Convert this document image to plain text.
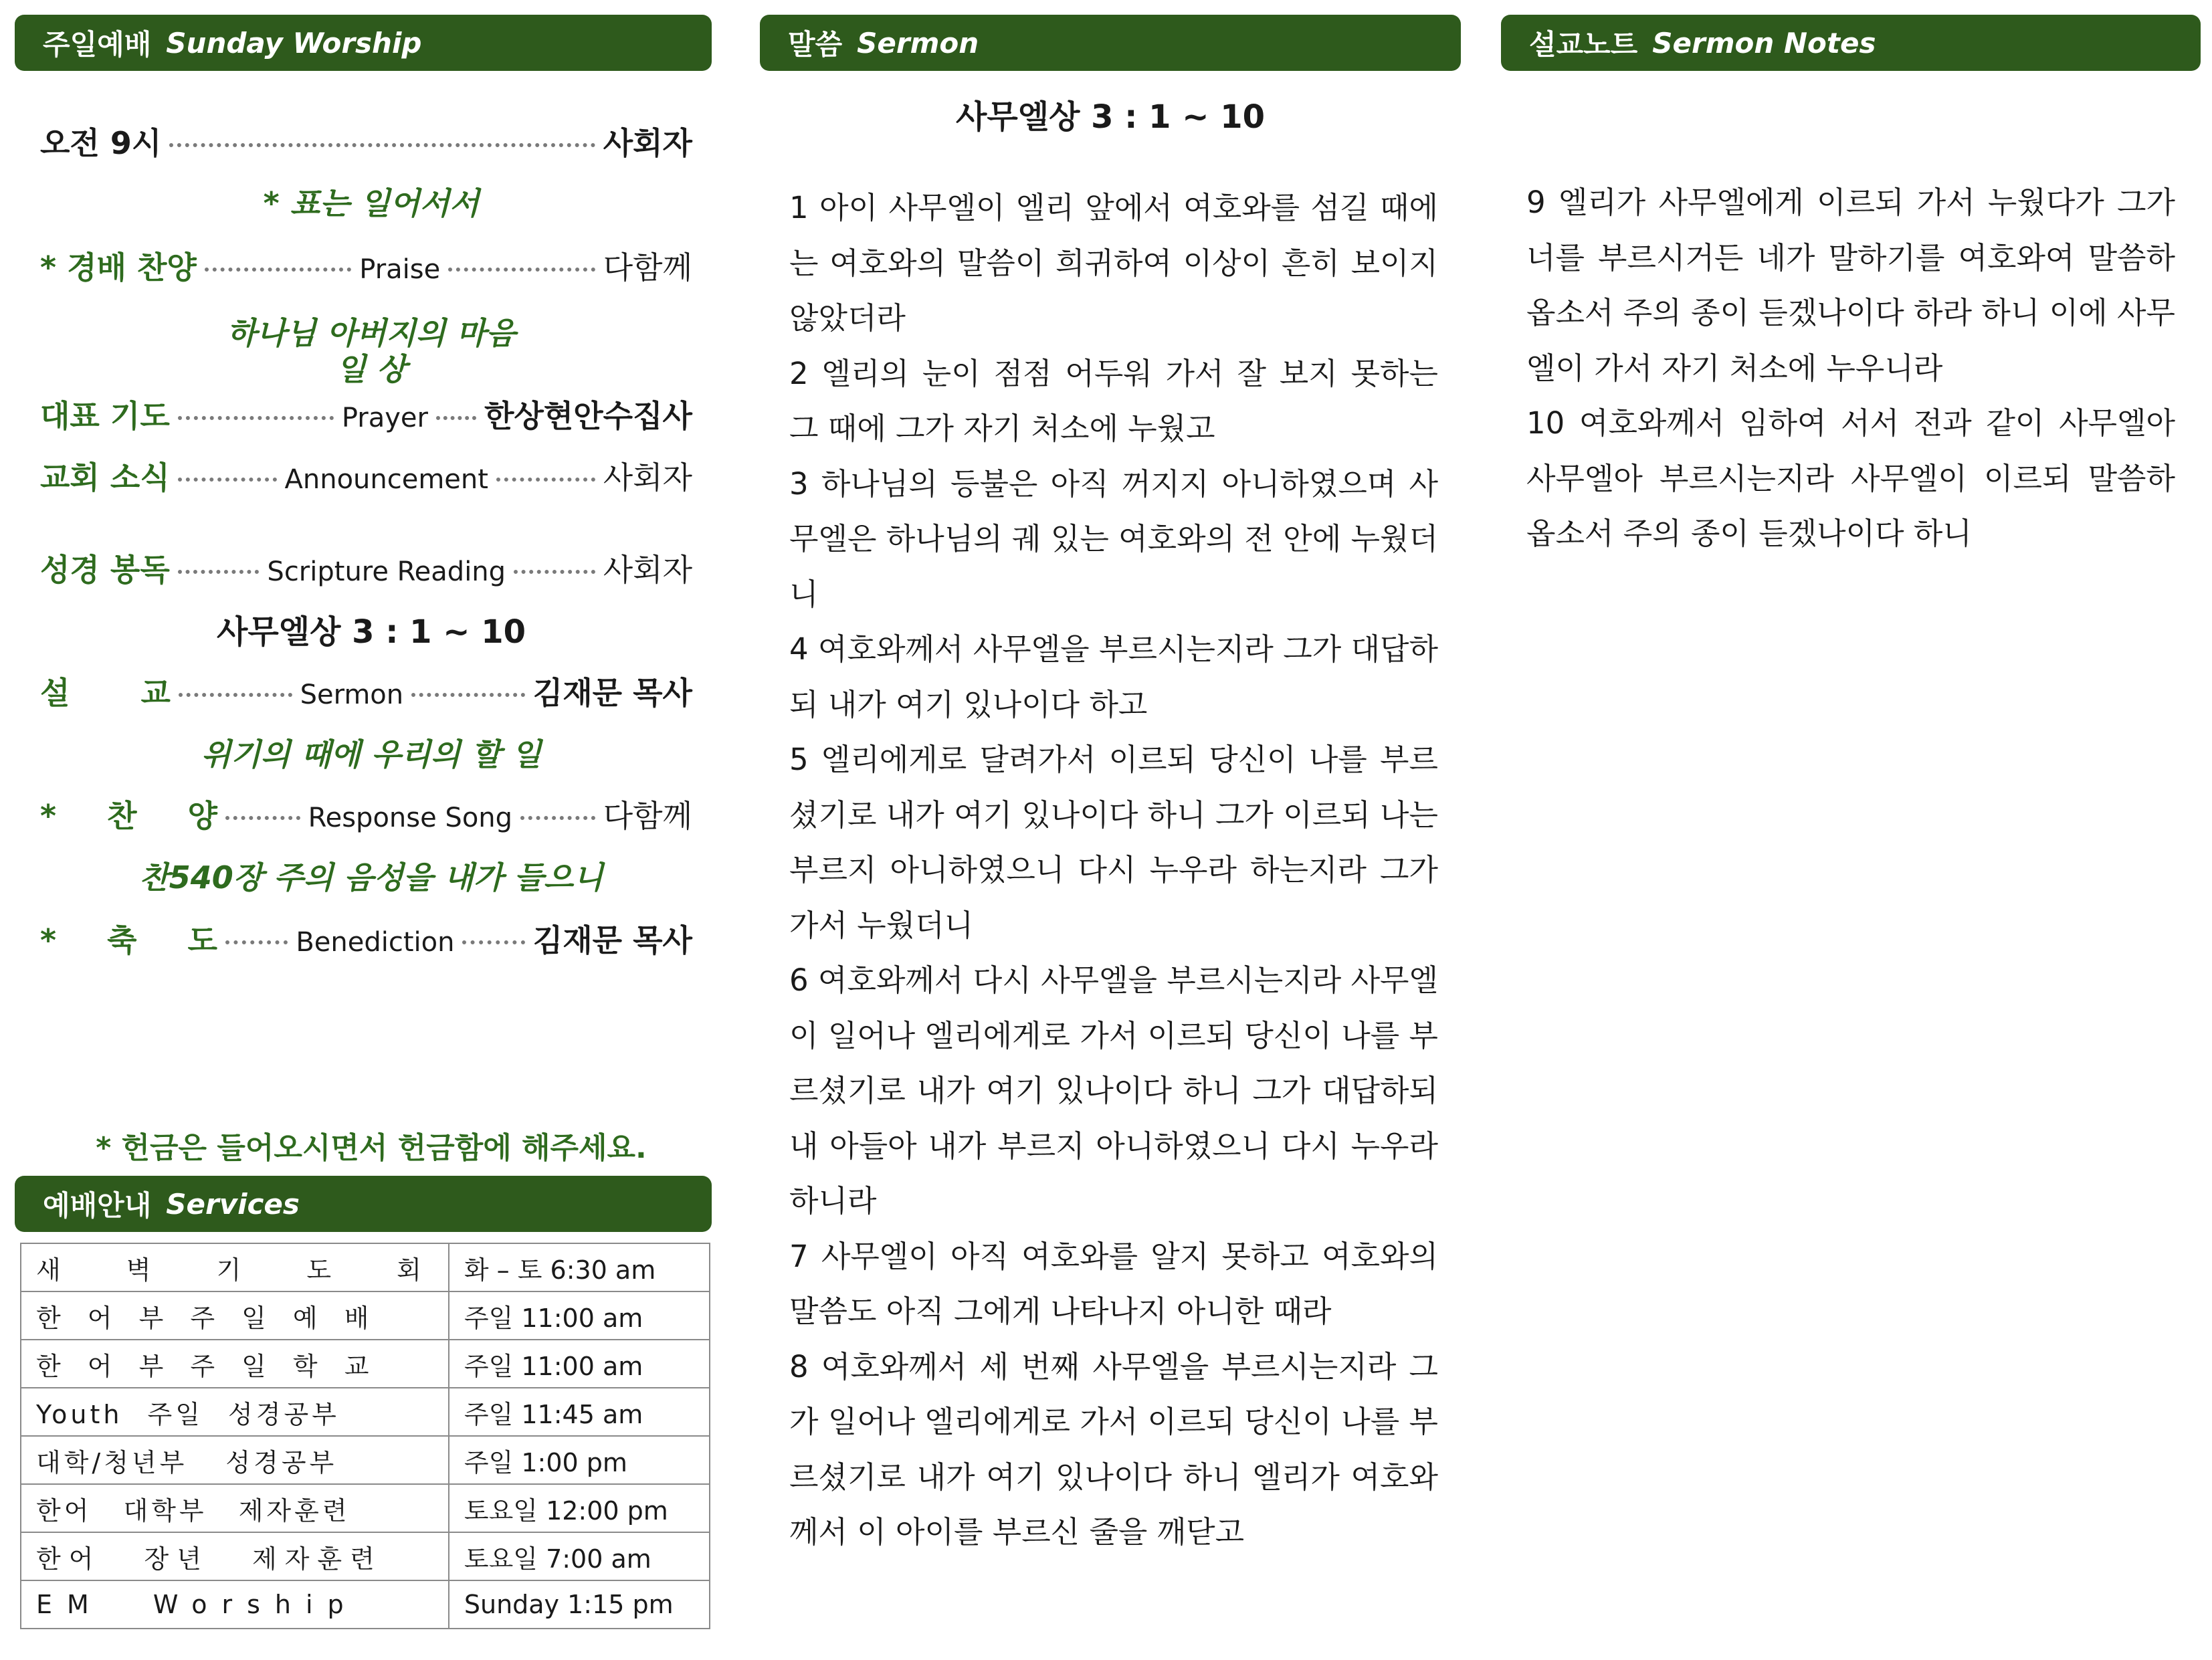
주일예배 Sunday Worship
오전 9시	사회자
* 표는 일어서서
* 경배 찬양	Praise	다함께
하나님 아버지의 마음
일 상
대표 기도	Prayer 한상현안수집사
교회 소식	Announcement	사회자
성경 봉독	Scripture Reading	사회자
사무엘상 3 : 1 ~ 10
설 교	Sermon	김재문 목사
위기의 때에 우리의 할 일
* 찬 양	Response Song	다함께
찬540장 주의 음성을 내가 들으니
* 축 도	Benediction	김재문 목사
* 헌금은 들어오시면서 헌금함에 해주세요.
예배안내 Services
새 벽 기 도 회	화 – 토 6:30 am

한 어 부 주 일 예 배	주일 11:00 am

한 어 부 주 일 학 교	주일 11:00 am

Youth 주일 성경공부	주일 11:45 am

대학/청년부 성경공부	주일 1:00 pm

한어 대학부 제자훈련	토요일 12:00 pm

한어 장년 제자훈련	토요일 7:00 am

EM Worship	Sunday 1:15 pm
말씀 Sermon
사무엘상 3 : 1 ~ 10

1 아이 사무엘이 엘리 앞에서 여호와를 섬길 때에는 여호와의 말씀이 희귀하여 이상이 흔히 보이지 않았더라

2 엘리의 눈이 점점 어두워 가서 잘 보지 못하는 그 때에 그가 자기 처소에 누웠고

3 하나님의 등불은 아직 꺼지지 아니하였으며 사무엘은 하나님의 궤 있는 여호와의 전 안에 누웠더니

4 여호와께서 사무엘을 부르시는지라 그가 대답하되 내가 여기 있나이다 하고

5 엘리에게로 달려가서 이르되 당신이 나를 부르셨기로 내가 여기 있나이다 하니 그가 이르되 나는 부르지 아니하였으니 다시 누우라 하는지라 그가 가서 누웠더니

6 여호와께서 다시 사무엘을 부르시는지라 사무엘이 일어나 엘리에게로 가서 이르되 당신이 나를 부르셨기로 내가 여기 있나이다 하니 그가 대답하되 내 아들아 내가 부르지 아니하였으니 다시 누우라 하니라

7 사무엘이 아직 여호와를 알지 못하고 여호와의 말씀도 아직 그에게 나타나지 아니한 때라

8 여호와께서 세 번째 사무엘을 부르시는지라 그가 일어나 엘리에게로 가서 이르되 당신이 나를 부르셨기로 내가 여기 있나이다 하니 엘리가 여호와께서 이 아이를 부르신 줄을 깨닫고

설교노트 Sermon Notes

9 엘리가 사무엘에게 이르되 가서 누웠다가 그가 너를 부르시거든 네가 말하기를 여호와여 말씀하옵소서 주의 종이 듣겠나이다 하라 하니 이에 사무엘이 가서 자기 처소에 누우니라

10 여호와께서 임하여 서서 전과 같이 사무엘아 사무엘아 부르시는지라 사무엘이 이르되 말씀하옵소서 주의 종이 듣겠나이다 하니
